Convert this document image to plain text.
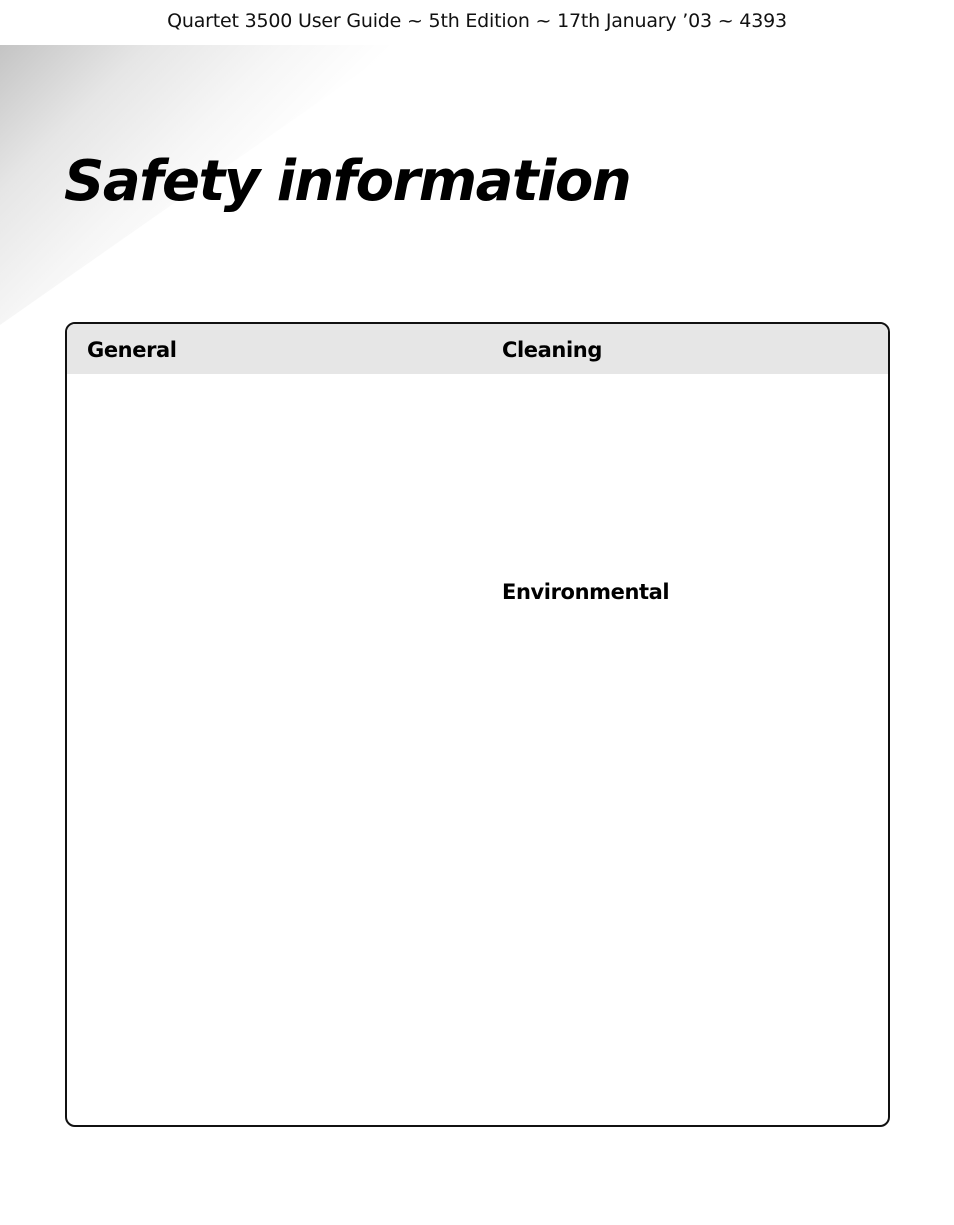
Quartet 3500 User Guide ~ 5th Edition ~ 17th January ’03 ~ 4393
Safety information
General	Cleaning
Environmental
